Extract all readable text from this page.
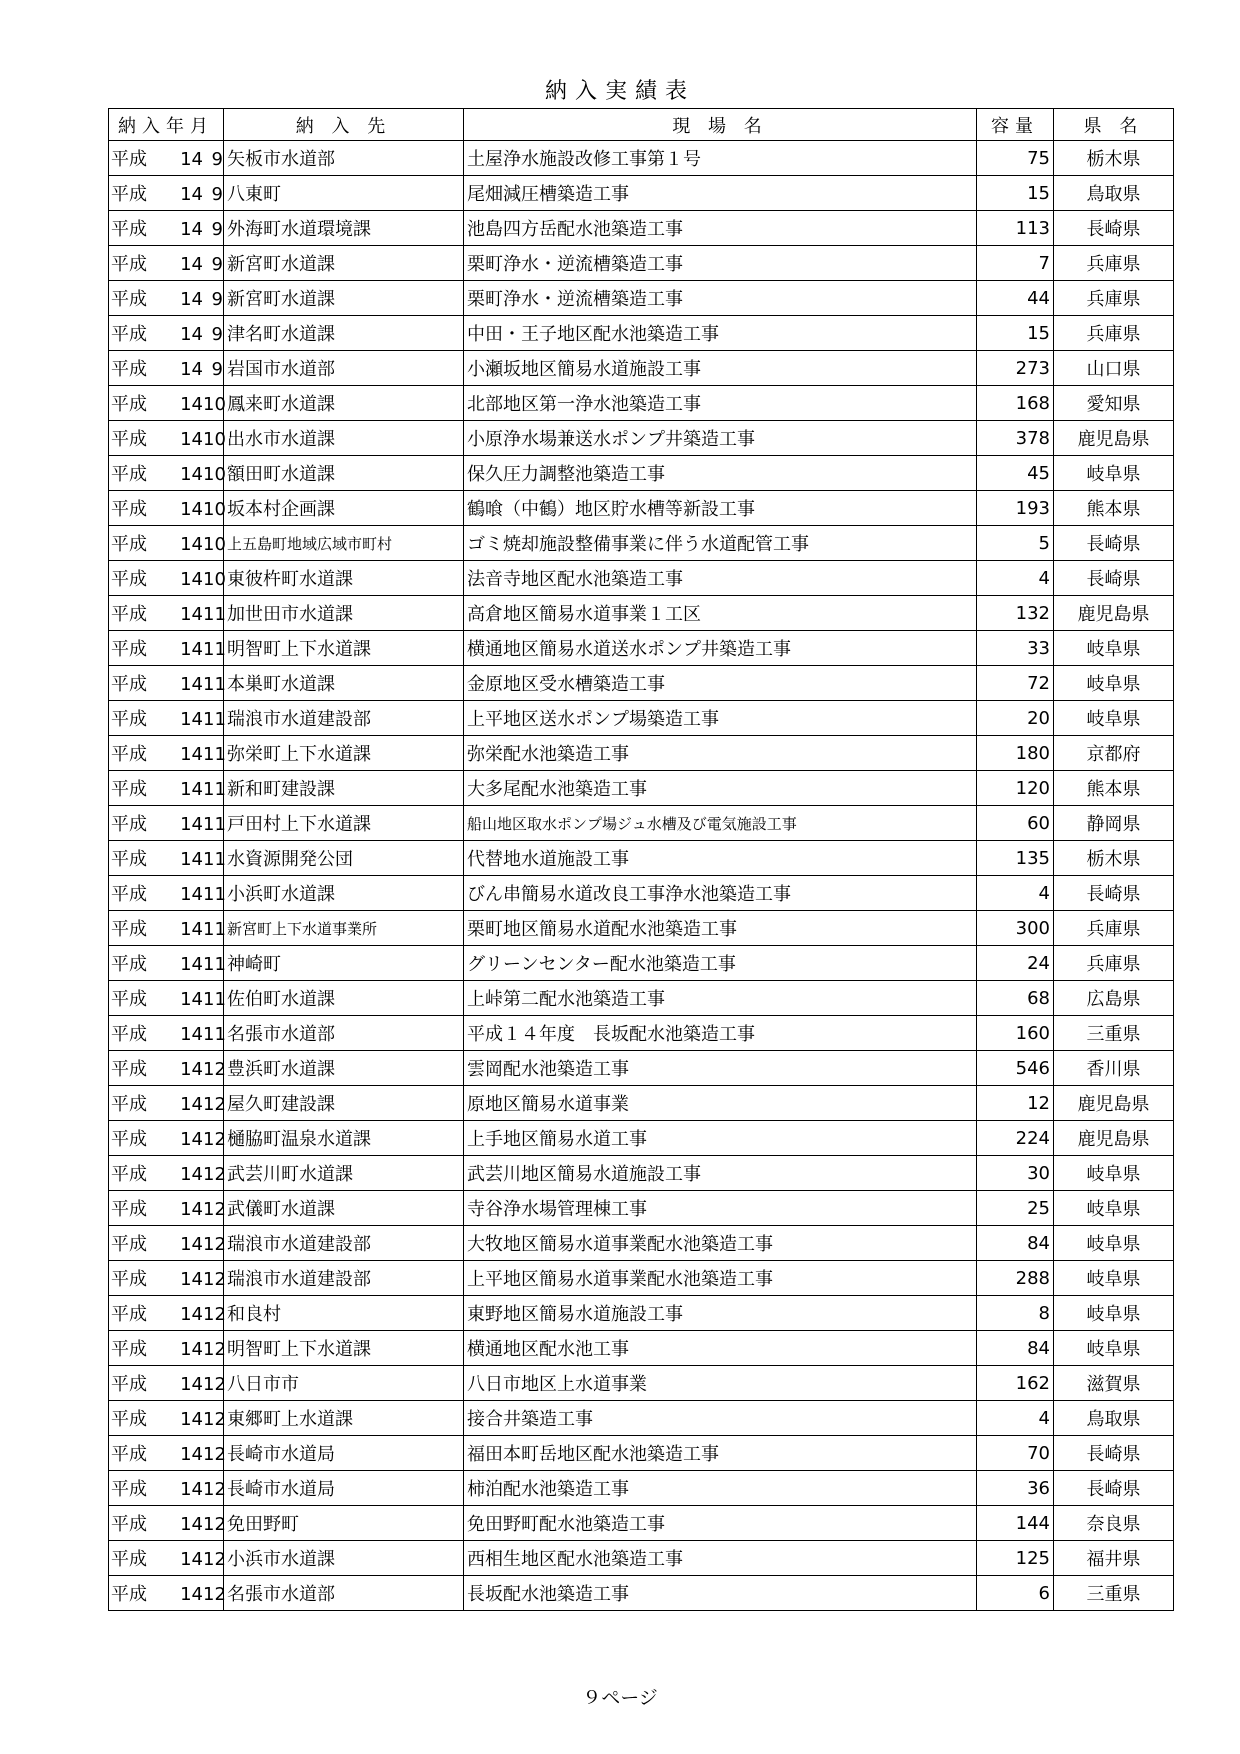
納入実績表
納入年月	納 入 先	現 場 名	容量	県 名
平成 14 9	矢板市水道部	土屋浄水施設改修工事第１号	75	栃木県
平成 14 9	八東町	尾畑減圧槽築造工事	15	鳥取県
平成 14 9	外海町水道環境課	池島四方岳配水池築造工事	113	長崎県
平成 14 9	新宮町水道課	栗町浄水・逆流槽築造工事	7	兵庫県
平成 14 9	新宮町水道課	栗町浄水・逆流槽築造工事	44	兵庫県
平成 14 9	津名町水道課	中田・王子地区配水池築造工事	15	兵庫県
平成 14 9	岩国市水道部	小瀬坂地区簡易水道施設工事	273	山口県
平成 1410	鳳来町水道課	北部地区第一浄水池築造工事	168	愛知県
平成 1410	出水市水道課	小原浄水場兼送水ポンプ井築造工事	378	鹿児島県
平成 1410	額田町水道課	保久圧力調整池築造工事	45	岐阜県
平成 1410	坂本村企画課	鶴喰（中鶴）地区貯水槽等新設工事	193	熊本県
平成 1410	上五島町地域広域市町村	ゴミ焼却施設整備事業に伴う水道配管工事	5	長崎県
平成 1410	東彼杵町水道課	法音寺地区配水池築造工事	4	長崎県
平成 1411	加世田市水道課	高倉地区簡易水道事業１工区	132	鹿児島県
平成 1411	明智町上下水道課	横通地区簡易水道送水ポンプ井築造工事	33	岐阜県
平成 1411	本巣町水道課	金原地区受水槽築造工事	72	岐阜県
平成 1411	瑞浪市水道建設部	上平地区送水ポンプ場築造工事	20	岐阜県
平成 1411	弥栄町上下水道課	弥栄配水池築造工事	180	京都府
平成 1411	新和町建設課	大多尾配水池築造工事	120	熊本県
平成 1411	戸田村上下水道課	船山地区取水ポンプ場ジュ水槽及び電気施設工事	60	静岡県
平成 1411	水資源開発公団	代替地水道施設工事	135	栃木県
平成 1411	小浜町水道課	びん串簡易水道改良工事浄水池築造工事	4	長崎県
平成 1411	新宮町上下水道事業所	栗町地区簡易水道配水池築造工事	300	兵庫県
平成 1411	神崎町	グリーンセンター配水池築造工事	24	兵庫県
平成 1411	佐伯町水道課	上峠第二配水池築造工事	68	広島県
平成 1411	名張市水道部	平成１４年度　長坂配水池築造工事	160	三重県
平成 1412	豊浜町水道課	雲岡配水池築造工事	546	香川県
平成 1412	屋久町建設課	原地区簡易水道事業	12	鹿児島県
平成 1412	樋脇町温泉水道課	上手地区簡易水道工事	224	鹿児島県
平成 1412	武芸川町水道課	武芸川地区簡易水道施設工事	30	岐阜県
平成 1412	武儀町水道課	寺谷浄水場管理棟工事	25	岐阜県
平成 1412	瑞浪市水道建設部	大牧地区簡易水道事業配水池築造工事	84	岐阜県
平成 1412	瑞浪市水道建設部	上平地区簡易水道事業配水池築造工事	288	岐阜県
平成 1412	和良村	東野地区簡易水道施設工事	8	岐阜県
平成 1412	明智町上下水道課	横通地区配水池工事	84	岐阜県
平成 1412	八日市市	八日市地区上水道事業	162	滋賀県
平成 1412	東郷町上水道課	接合井築造工事	4	鳥取県
平成 1412	長崎市水道局	福田本町岳地区配水池築造工事	70	長崎県
平成 1412	長崎市水道局	柿泊配水池築造工事	36	長崎県
平成 1412	免田野町	免田野町配水池築造工事	144	奈良県
平成 1412	小浜市水道課	西相生地区配水池築造工事	125	福井県
平成 1412	名張市水道部	長坂配水池築造工事	6	三重県
９ページ
